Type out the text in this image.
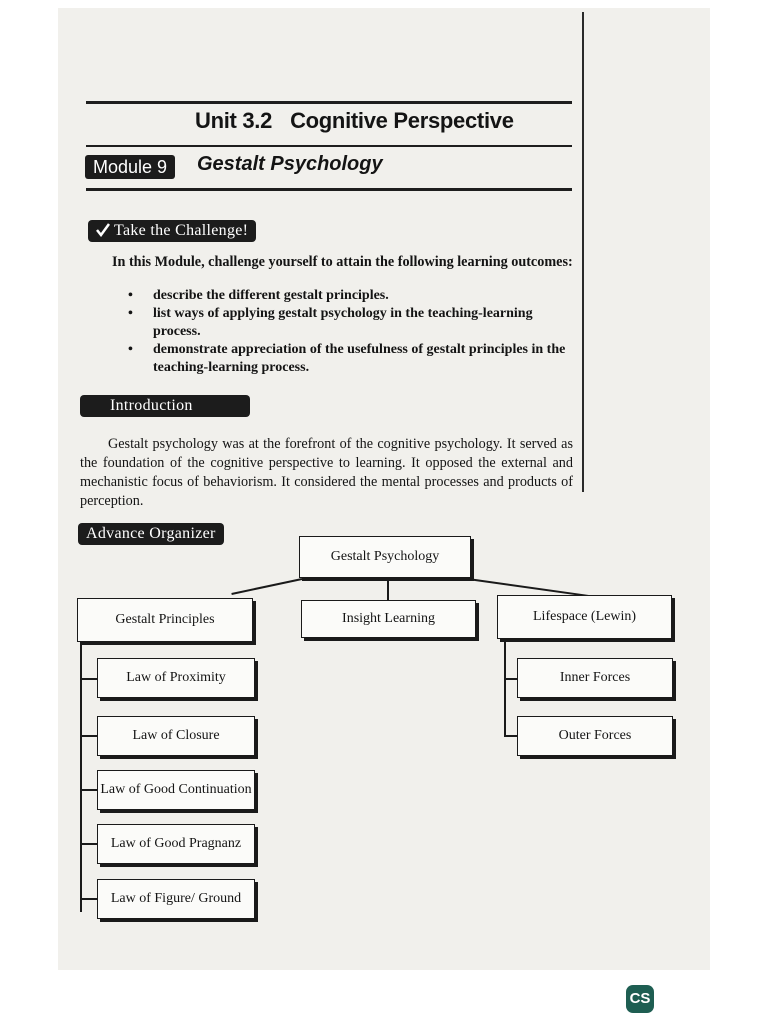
Unit 3.2 Cognitive Perspective
Module 9	Gestalt Psychology
Take the Challenge!
In this Module, challenge yourself to attain the following learning outcomes:
• describe the different gestalt principles.
• list ways of applying gestalt psychology in the teaching-learning process.
• demonstrate appreciation of the usefulness of gestalt principles in the teaching-learning process.
Introduction
Gestalt psychology was at the forefront of the cognitive psychology. It served as the foundation of the cognitive perspective to learning. It opposed the external and mechanistic focus of behaviorism. It considered the mental processes and products of perception.
Advance Organizer
Gestalt Psychology
Gestalt Principles	Insight Learning	Lifespace (Lewin)
Law of Proximity
Law of Closure
Law of Good Continuation
Law of Good Pragnanz
Law of Figure/ Ground
Inner Forces
Outer Forces
CS
